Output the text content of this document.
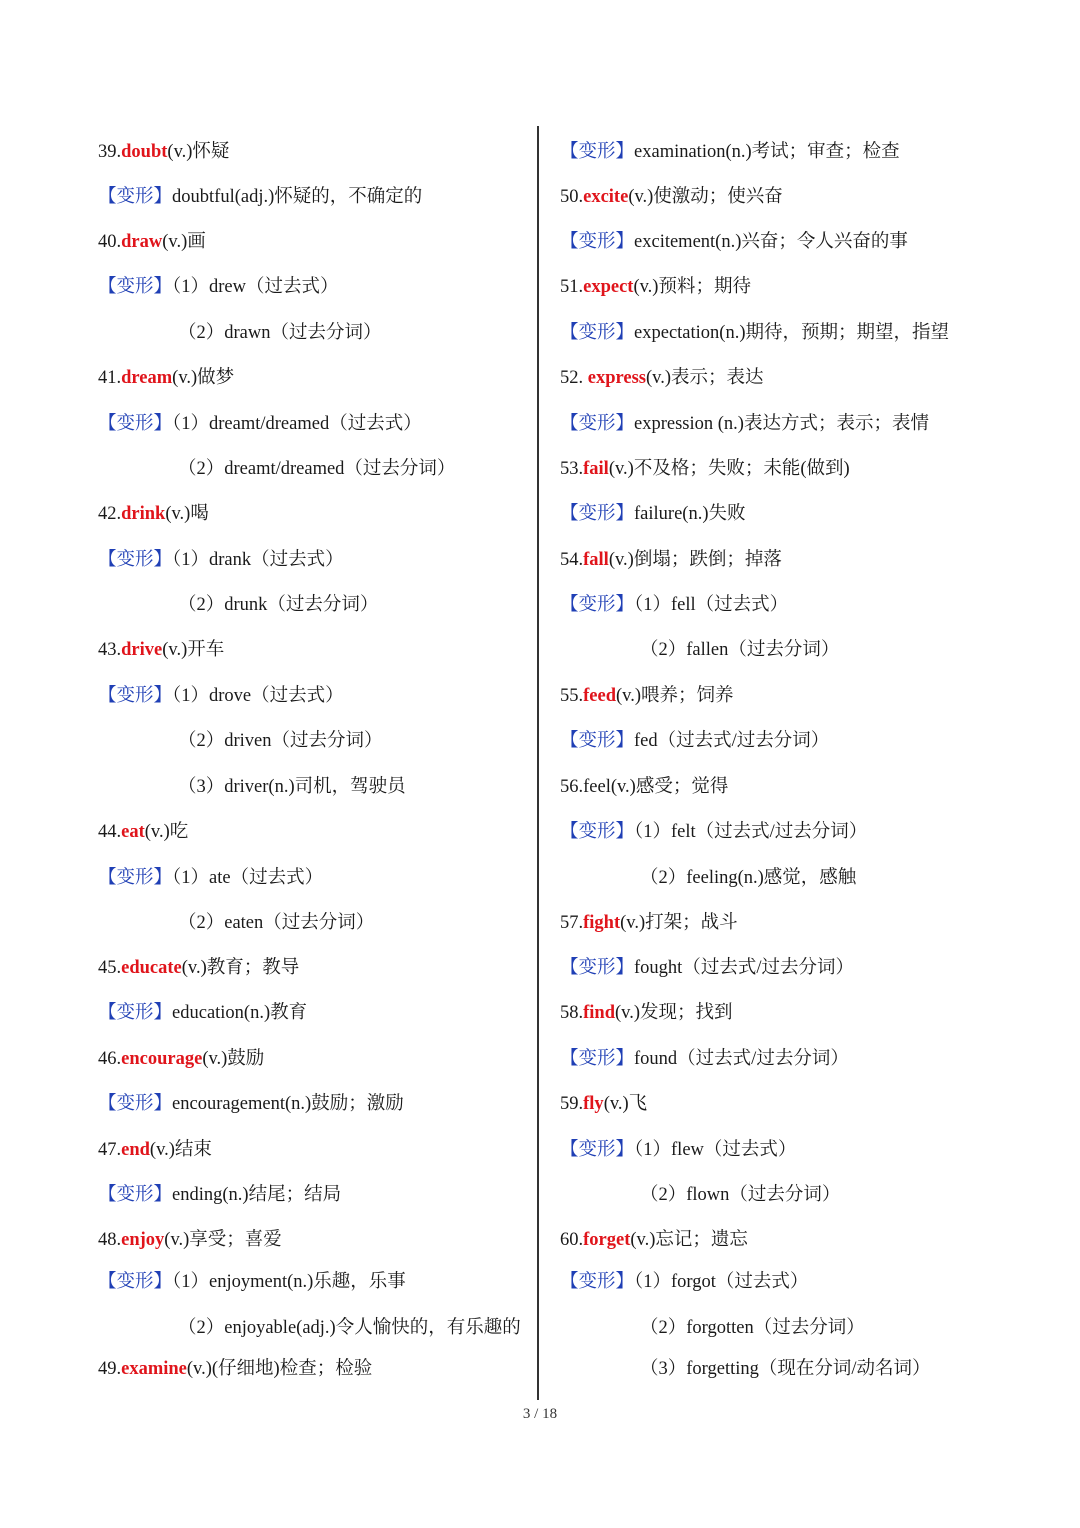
39.doubt(v.)怀疑
【变形】doubtful(adj.)怀疑的，不确定的
40.draw(v.)画
【变形】（1）drew（过去式）
（2）drawn（过去分词）
41.dream(v.)做梦
【变形】（1）dreamt/dreamed（过去式）
（2）dreamt/dreamed（过去分词）
42.drink(v.)喝
【变形】（1）drank（过去式）
（2）drunk（过去分词）
43.drive(v.)开车
【变形】（1）drove（过去式）
（2）driven（过去分词）
（3）driver(n.)司机，驾驶员
44.eat(v.)吃
【变形】（1）ate（过去式）
（2）eaten（过去分词）
45.educate(v.)教育；教导
【变形】education(n.)教育
46.encourage(v.)鼓励
【变形】encouragement(n.)鼓励；激励
47.end(v.)结束
【变形】ending(n.)结尾；结局
48.enjoy(v.)享受；喜爱
【变形】（1）enjoyment(n.)乐趣，乐事
（2）enjoyable(adj.)令人愉快的，有乐趣的
49.examine(v.)(仔细地)检查；检验
【变形】examination(n.)考试；审查；检查
50.excite(v.)使激动；使兴奋
【变形】excitement(n.)兴奋；令人兴奋的事
51.expect(v.)预料；期待
【变形】expectation(n.)期待，预期；期望，指望
52. express(v.)表示；表达
【变形】expression (n.)表达方式；表示；表情
53.fail(v.)不及格；失败；未能(做到)
【变形】failure(n.)失败
54.fall(v.)倒塌；跌倒；掉落
【变形】（1）fell（过去式）
（2）fallen（过去分词）
55.feed(v.)喂养；饲养
【变形】fed（过去式/过去分词）
56.feel(v.)感受；觉得
【变形】（1）felt（过去式/过去分词）
（2）feeling(n.)感觉，感触
57.fight(v.)打架；战斗
【变形】fought（过去式/过去分词）
58.find(v.)发现；找到
【变形】found（过去式/过去分词）
59.fly(v.)飞
【变形】（1）flew（过去式）
（2）flown（过去分词）
60.forget(v.)忘记；遗忘
【变形】（1）forgot（过去式）
（2）forgotten（过去分词）
（3）forgetting（现在分词/动名词）
3 / 18
